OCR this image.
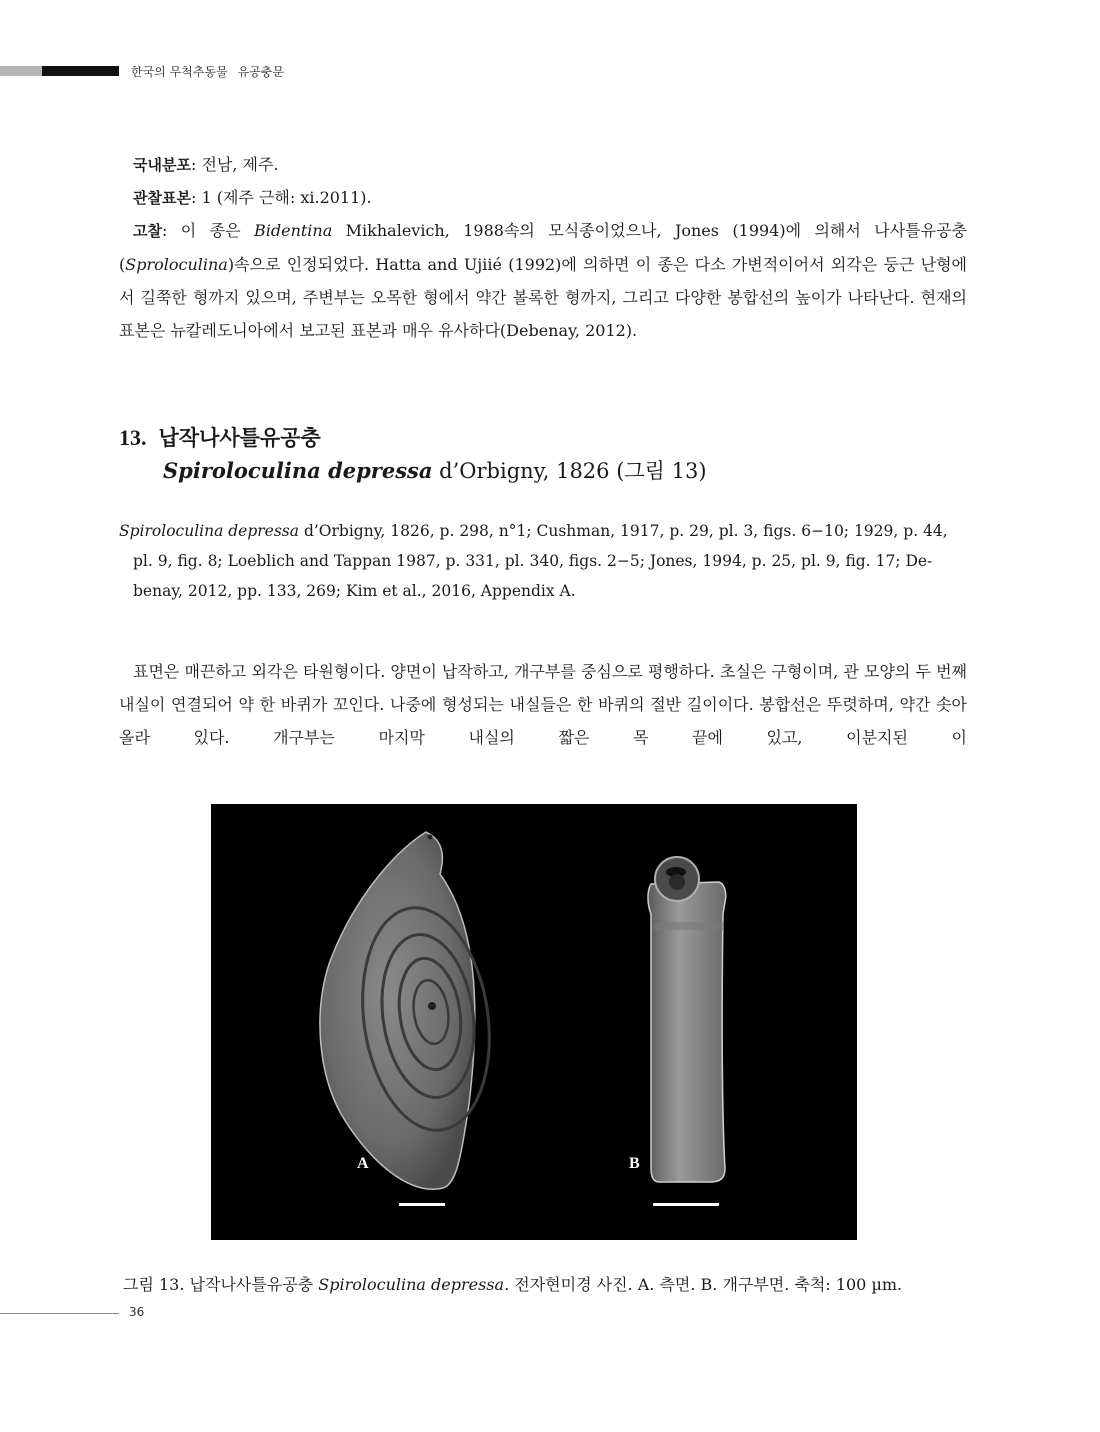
한국의 무척추동물 유공충문
국내분포: 전남, 제주.
관찰표본: 1 (제주 근해: xi.2011).
고찰: 이 종은 Bidentina Mikhalevich, 1988속의 모식종이었으나, Jones (1994)에 의해서 나사틀유공충 (Sproloculina)속으로 인정되었다. Hatta and Ujiié (1992)에 의하면 이 종은 다소 가변적이어서 외각은 둥근 난형에서 길쭉한 형까지 있으며, 주변부는 오목한 형에서 약간 볼록한 형까지, 그리고 다양한 봉합선의 높이가 나타난다. 현재의 표본은 뉴칼레도니아에서 보고된 표본과 매우 유사하다(Debenay, 2012).
13. 납작나사틀유공충
Spiroloculina depressa d’Orbigny, 1826 (그림 13)
Spiroloculina depressa d’Orbigny, 1826, p. 298, n°1; Cushman, 1917, p. 29, pl. 3, figs. 6−10; 1929, p. 44,
pl. 9, fig. 8; Loeblich and Tappan 1987, p. 331, pl. 340, figs. 2−5; Jones, 1994, p. 25, pl. 9, fig. 17; De-
benay, 2012, pp. 133, 269; Kim et al., 2016, Appendix A.
표면은 매끈하고 외각은 타원형이다. 양면이 납작하고, 개구부를 중심으로 평행하다. 초실은 구형이며, 관 모양의 두 번째 내실이 연결되어 약 한 바퀴가 꼬인다. 나중에 형성되는 내실들은 한 바퀴의 절반 길이이다. 봉합선은 뚜렷하며, 약간 솟아올라 있다. 개구부는 마지막 내실의 짧은 목 끝에 있고, 이분지된 이
A	B
그림 13. 납작나사틀유공충 Spiroloculina depressa. 전자현미경 사진. A. 측면. B. 개구부면. 축척: 100 µm.
36
